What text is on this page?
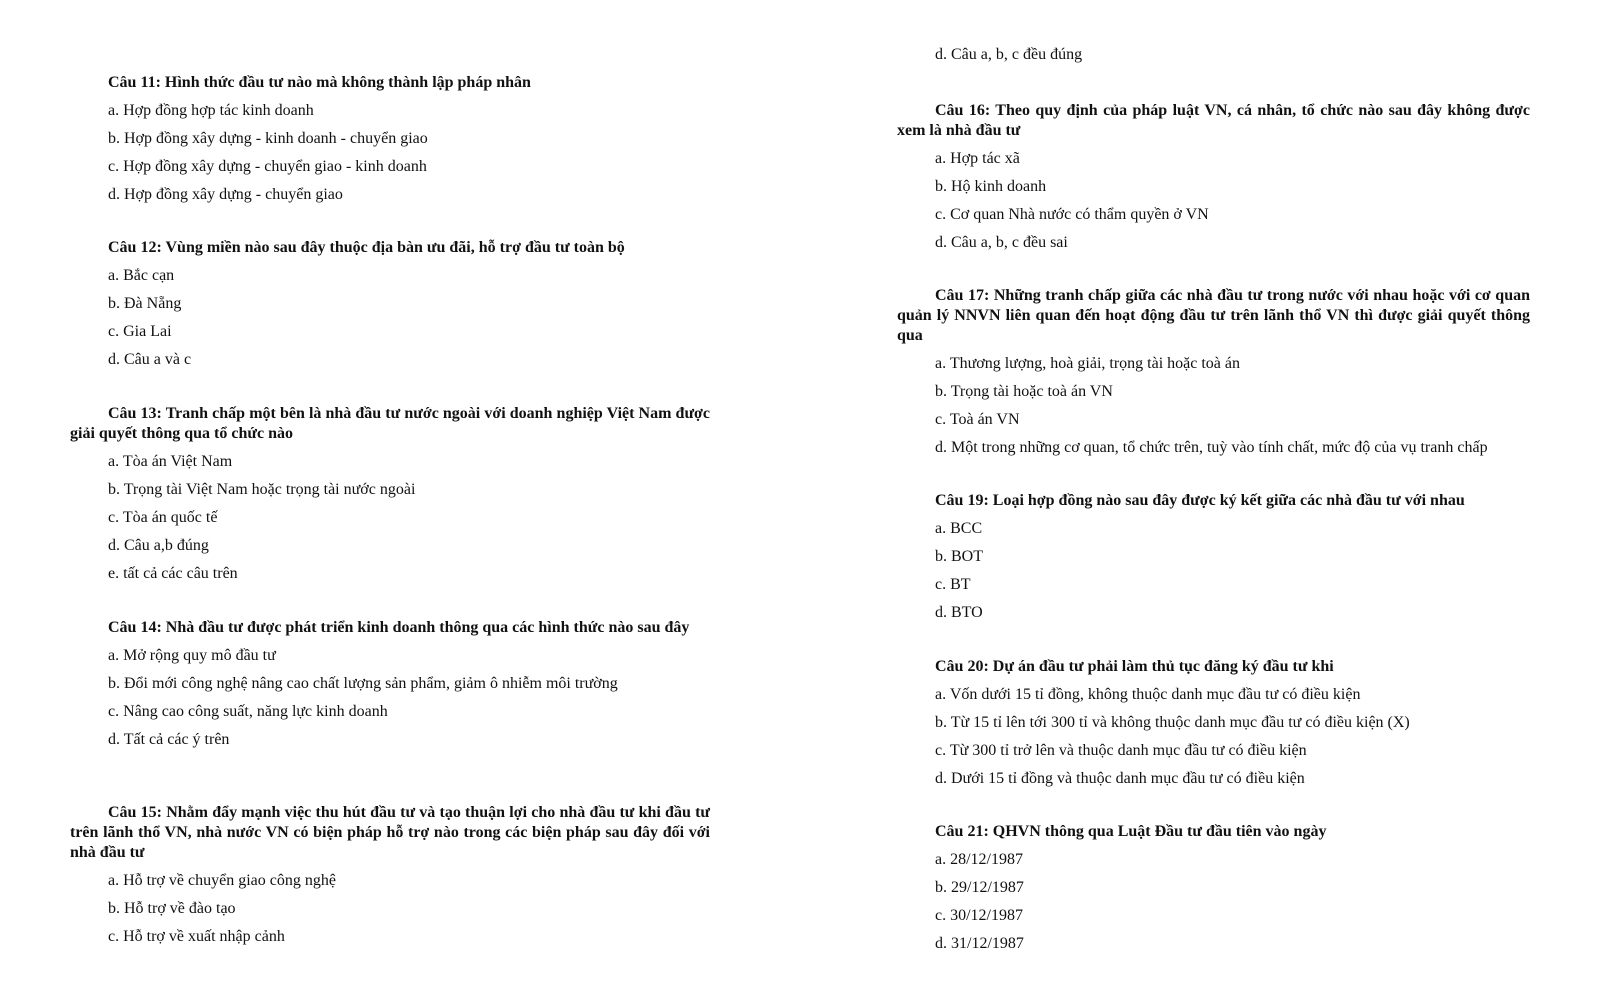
Câu 11: Hình thức đầu tư nào mà không thành lập pháp nhân

a. Hợp đồng hợp tác kinh doanh
b. Hợp đồng xây dựng - kinh doanh - chuyển giao
c. Hợp đồng xây dựng - chuyển giao - kinh doanh
d. Hợp đồng xây dựng - chuyển giao

Câu 12: Vùng miền nào sau đây thuộc địa bàn ưu đãi, hỗ trợ đầu tư toàn bộ

a. Bắc cạn
b. Đà Nẵng
c. Gia Lai
d. Câu a và c

Câu 13: Tranh chấp một bên là nhà đầu tư nước ngoài với doanh nghiệp Việt Nam được giải quyết thông qua tổ chức nào

a. Tòa án Việt Nam
b. Trọng tài Việt Nam hoặc trọng tài nước ngoài
c. Tòa án quốc tế
d. Câu a,b đúng
e. tất cả các câu trên

Câu 14: Nhà đầu tư được phát triển kinh doanh thông qua các hình thức nào sau đây

a. Mở rộng quy mô đầu tư
b. Đổi mới công nghệ nâng cao chất lượng sản phẩm, giảm ô nhiễm môi trường
c. Nâng cao công suất, năng lực kinh doanh
d. Tất cả các ý trên

Câu 15: Nhằm đẩy mạnh việc thu hút đầu tư và tạo thuận lợi cho nhà đầu tư khi đầu tư trên lãnh thổ VN, nhà nước VN có biện pháp hỗ trợ nào trong các biện pháp sau đây đối với nhà đầu tư

a. Hỗ trợ về chuyển giao công nghệ
b. Hỗ trợ về đào tạo
c. Hỗ trợ về xuất nhập cảnh
d. Câu a, b, c đều đúng

Câu 16: Theo quy định của pháp luật VN, cá nhân, tổ chức nào sau đây không được xem là nhà đầu tư

a. Hợp tác xã
b. Hộ kinh doanh
c. Cơ quan Nhà nước có thẩm quyền ở VN
d. Câu a, b, c đều sai

Câu 17: Những tranh chấp giữa các nhà đầu tư trong nước với nhau hoặc với cơ quan quản lý NNVN liên quan đến hoạt động đầu tư trên lãnh thổ VN thì được giải quyết thông qua

a. Thương lượng, hoà giải, trọng tài hoặc toà án
b. Trọng tài hoặc toà án VN
c. Toà án VN
d. Một trong những cơ quan, tổ chức trên, tuỳ vào tính chất, mức độ của vụ tranh chấp

Câu 19: Loại hợp đồng nào sau đây được ký kết giữa các nhà đầu tư với nhau

a. BCC
b. BOT
c. BT
d. BTO

Câu 20: Dự án đầu tư phải làm thủ tục đăng ký đầu tư khi

a. Vốn dưới 15 tỉ đồng, không thuộc danh mục đầu tư có điều kiện
b. Từ 15 tỉ lên tới 300 tỉ và không thuộc danh mục đầu tư có điều kiện (X)
c. Từ 300 tỉ trở lên và thuộc danh mục đầu tư có điều kiện
d. Dưới 15 tỉ đồng và thuộc danh mục đầu tư có điều kiện

Câu 21: QHVN thông qua Luật Đầu tư đầu tiên vào ngày

a. 28/12/1987
b. 29/12/1987
c. 30/12/1987
d. 31/12/1987
